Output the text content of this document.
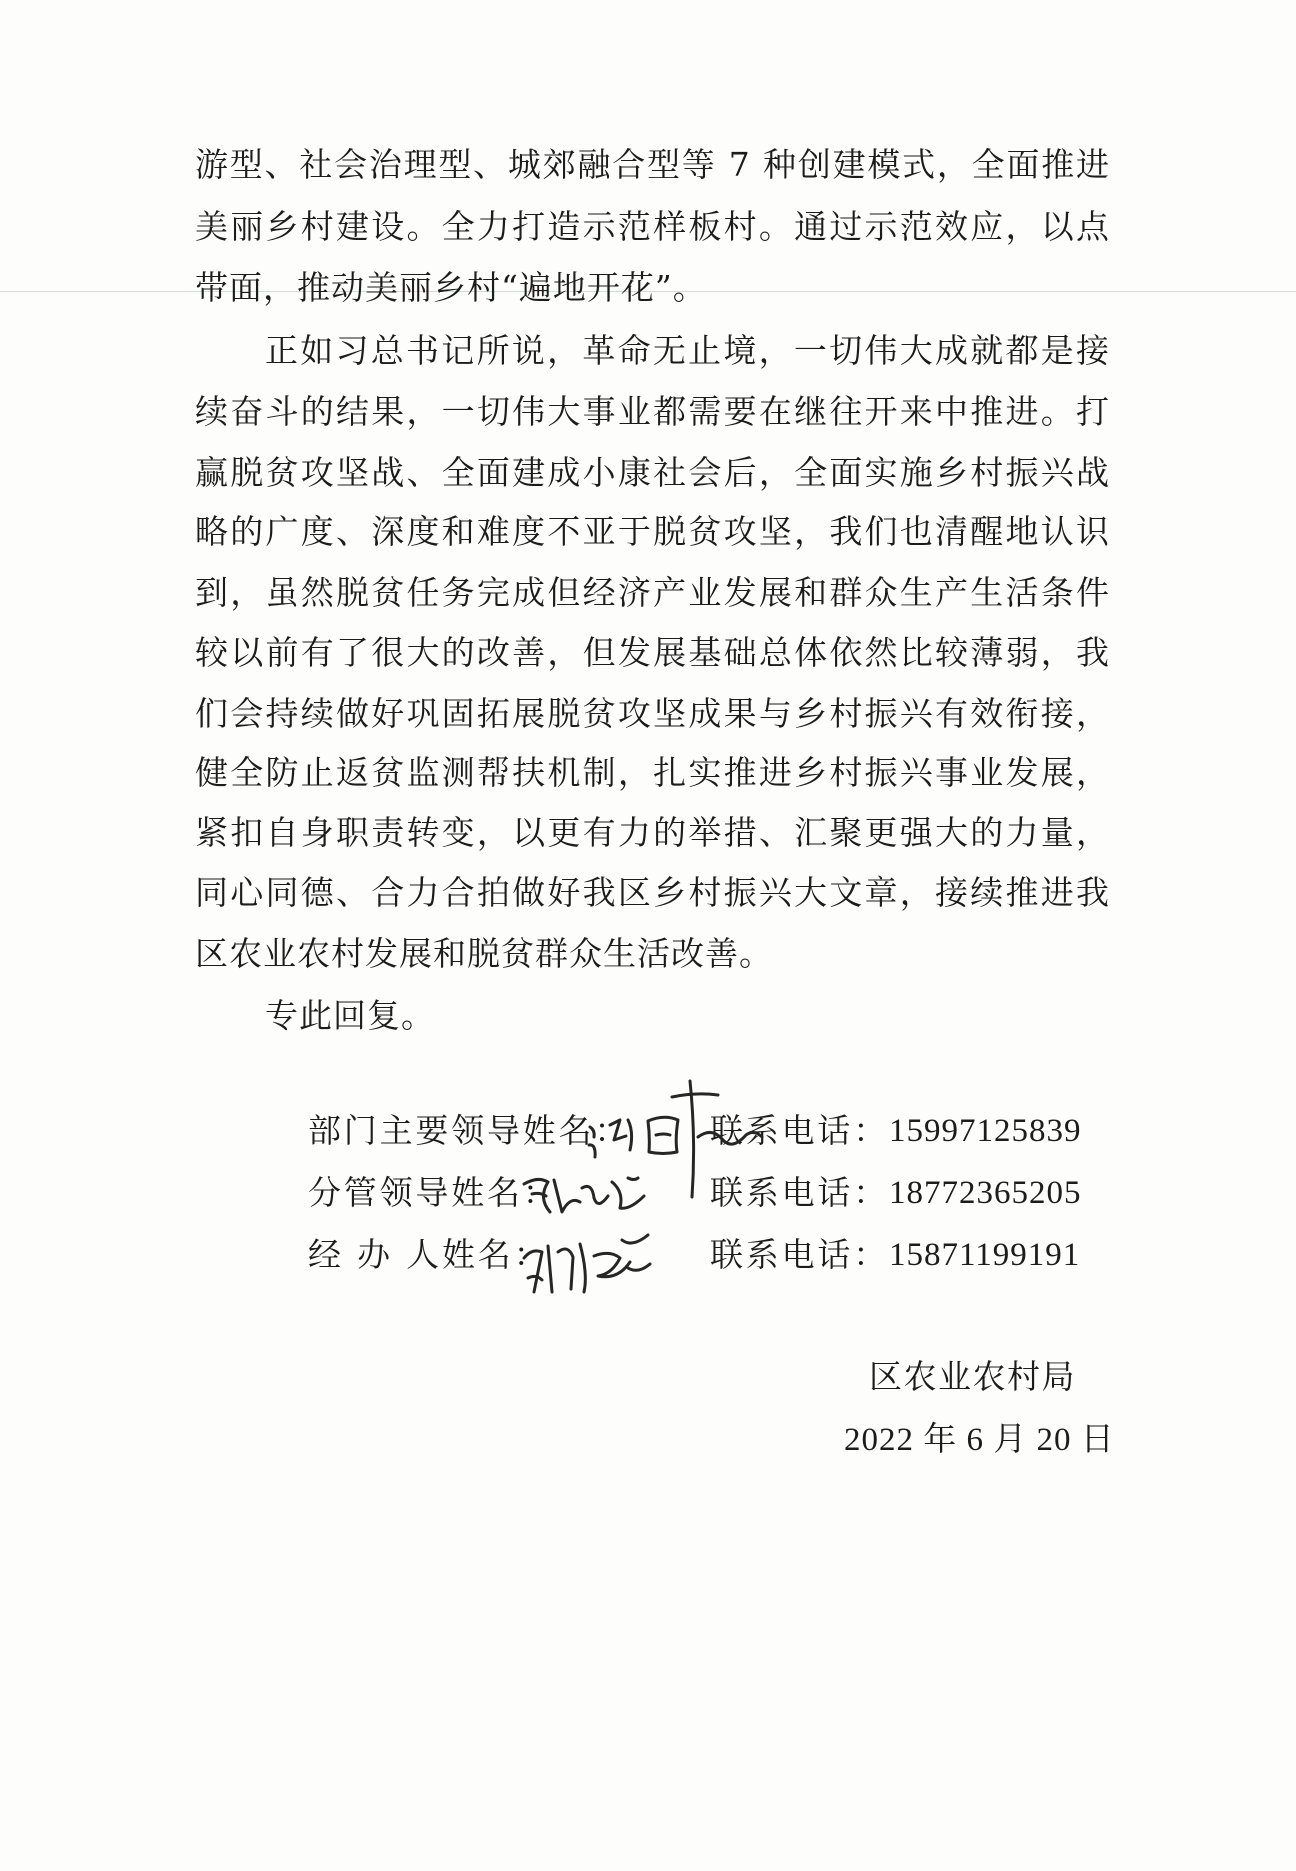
游型、社会治理型、城郊融合型等 7 种创建模式，全面推进
美丽乡村建设。全力打造示范样板村。通过示范效应，以点
带面，推动美丽乡村“遍地开花”。
正如习总书记所说，革命无止境，一切伟大成就都是接
续奋斗的结果，一切伟大事业都需要在继往开来中推进。打
赢脱贫攻坚战、全面建成小康社会后，全面实施乡村振兴战
略的广度、深度和难度不亚于脱贫攻坚，我们也清醒地认识
到，虽然脱贫任务完成但经济产业发展和群众生产生活条件
较以前有了很大的改善，但发展基础总体依然比较薄弱，我
们会持续做好巩固拓展脱贫攻坚成果与乡村振兴有效衔接，
健全防止返贫监测帮扶机制，扎实推进乡村振兴事业发展，
紧扣自身职责转变，以更有力的举措、汇聚更强大的力量，
同心同德、合力合拍做好我区乡村振兴大文章，接续推进我
区农业农村发展和脱贫群众生活改善。
专此回复。
部门主要领导姓名： 联系电话： 15997125839
分管领导姓名：	联系电话： 18772365205
经 办 人姓名：	联系电话： 15871199191
区农业农村局
2022 年 6 月 20 日
